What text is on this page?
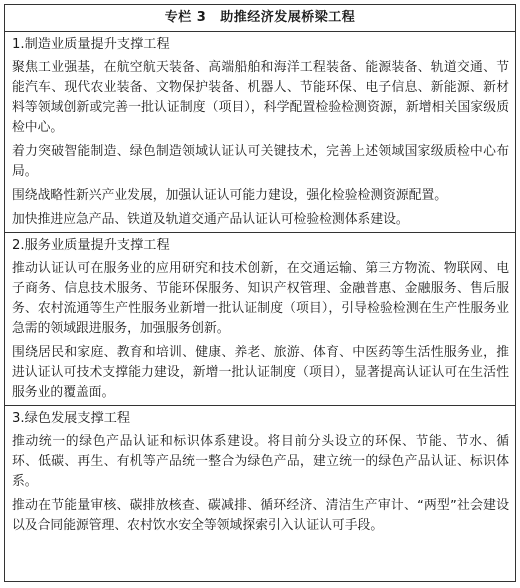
专栏 3 助推经济发展桥梁工程
1.制造业质量提升支撑工程
聚焦工业强基，在航空航天装备、高端船舶和海洋工程装备、能源装备、轨道交通、节能汽车、现代农业装备、文物保护装备、机器人、节能环保、电子信息、新能源、新材料等领域创新或完善一批认证制度（项目），科学配置检验检测资源，新增相关国家级质检中心。
着力突破智能制造、绿色制造领域认证认可关键技术，完善上述领域国家级质检中心布局。
围绕战略性新兴产业发展，加强认证认可能力建设，强化检验检测资源配置。
加快推进应急产品、铁道及轨道交通产品认证认可检验检测体系建设。
2.服务业质量提升支撑工程
推动认证认可在服务业的应用研究和技术创新，在交通运输、第三方物流、物联网、电子商务、信息技术服务、节能环保服务、知识产权管理、金融普惠、金融服务、售后服务、农村流通等生产性服务业新增一批认证制度（项目），引导检验检测在生产性服务业急需的领域跟进服务，加强服务创新。
围绕居民和家庭、教育和培训、健康、养老、旅游、体育、中医药等生活性服务业，推进认证认可技术支撑能力建设，新增一批认证制度（项目），显著提高认证认可在生活性服务业的覆盖面。
3.绿色发展支撑工程
推动统一的绿色产品认证和标识体系建设。将目前分头设立的环保、节能、节水、循环、低碳、再生、有机等产品统一整合为绿色产品，建立统一的绿色产品认证、标识体系。
推动在节能量审核、碳排放核查、碳减排、循环经济、清洁生产审计、“两型”社会建设以及合同能源管理、农村饮水安全等领域探索引入认证认可手段。
